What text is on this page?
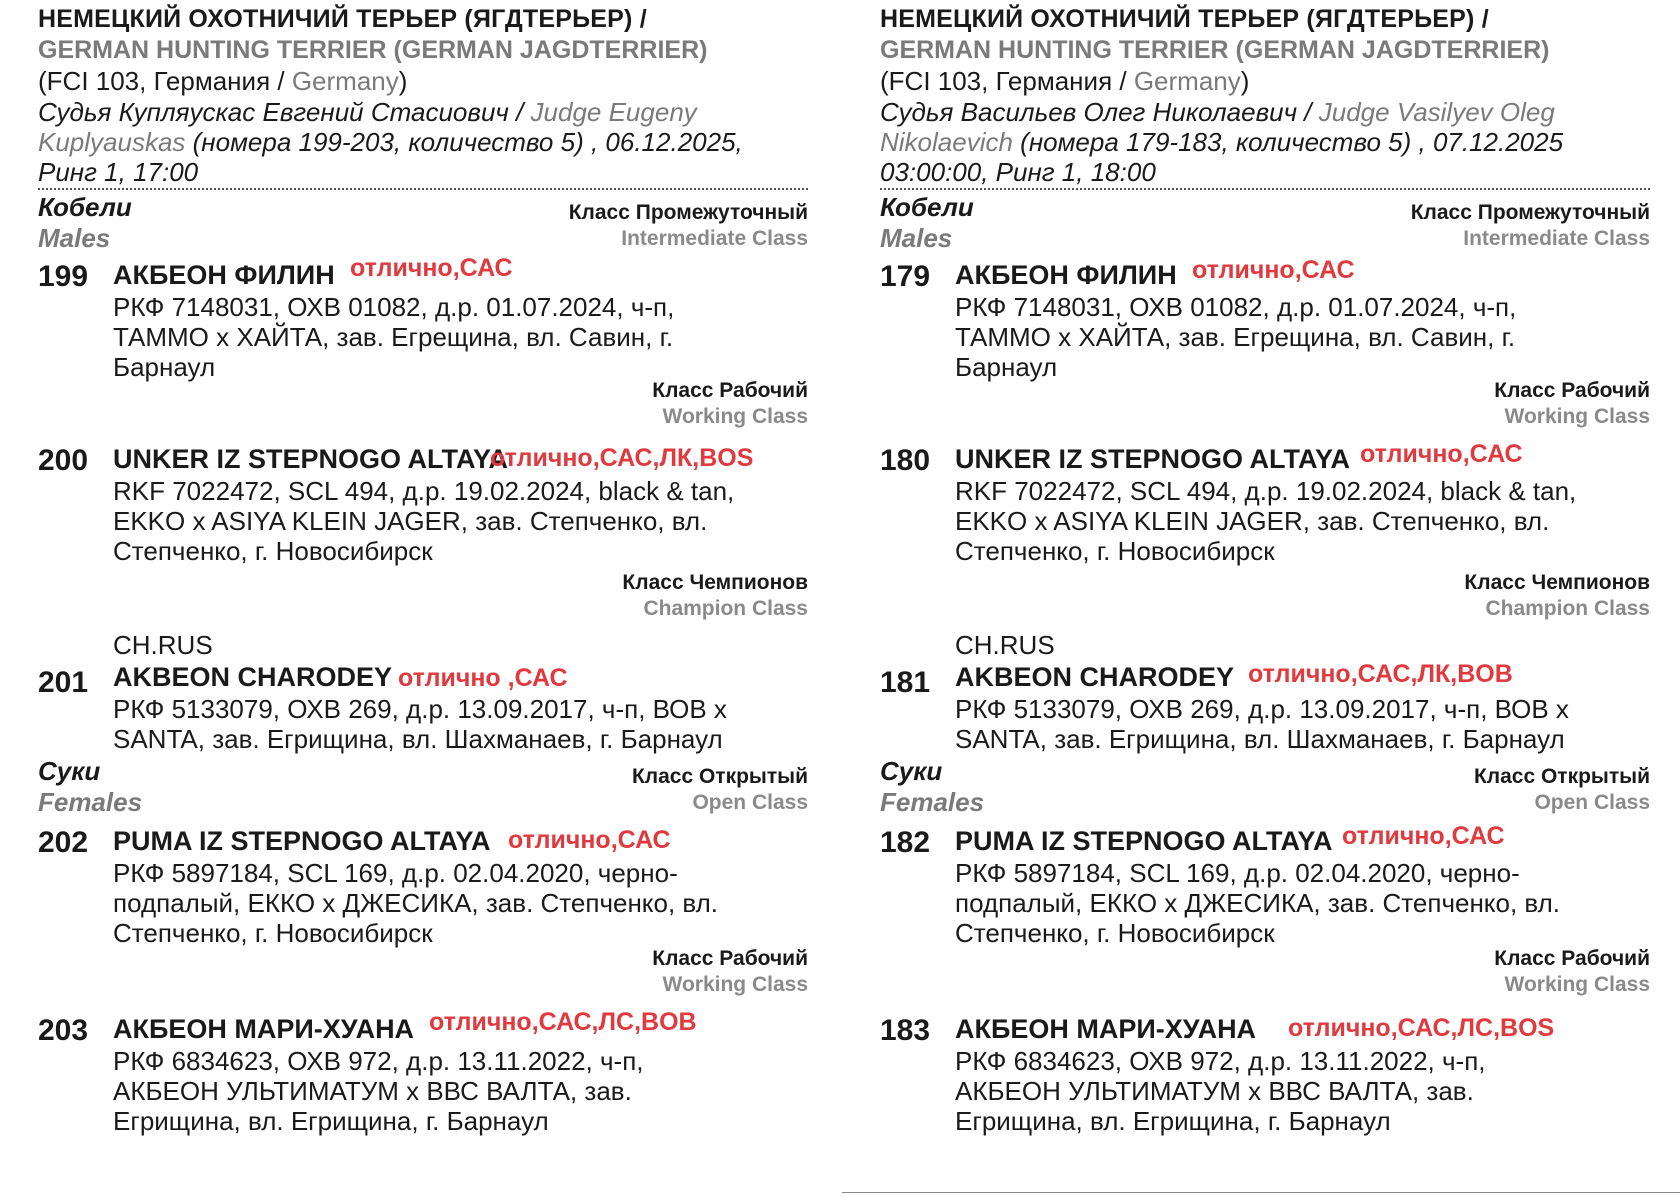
НЕМЕЦКИЙ ОХОТНИЧИЙ ТЕРЬЕР (ЯГДТЕРЬЕР) /
GERMAN HUNTING TERRIER (GERMAN JAGDTERRIER)
(FCI 103, Германия / Germany)
Судья Купляускас Евгений Стасиович / Judge Eugeny Kuplyauskas (номера 199-203, количество 5) , 06.12.2025, Ринг 1, 17:00
Кобели
Males
Класс Промежуточный
Intermediate Class
199 АКБЕОН ФИЛИН отлично,САС
РКФ 7148031, ОХВ 01082, д.р. 01.07.2024, ч-п, ТАММО х ХАЙТА, зав. Егрещина, вл. Савин, г. Барнаул
Класс Рабочий
Working Class
200 UNKER IZ STEPNOGO ALTAYA
отлично,САС,ЛК,BOS
RKF 7022472, SCL 494, д.р. 19.02.2024, black & tan, EKKO x ASIYA KLEIN JAGER, зав. Степченко, вл. Степченко, г. Новосибирск
Класс Чемпионов
Champion Class
CH.RUS
201 AKBEON CHARODEY отлично ,САС
РКФ 5133079, ОХВ 269, д.р. 13.09.2017, ч-п, ВОВ х SANTA, зав. Егрищина, вл. Шахманаев, г. Барнаул
Суки
Females
Класс Открытый
Open Class
202 PUMA IZ STEPNOGO ALTAYA отлично,САС
РКФ 5897184, SCL 169, д.р. 02.04.2020, черно-подпалый, ЕККО х ДЖЕСИКА, зав. Степченко, вл. Степченко, г. Новосибирск
Класс Рабочий
Working Class
203 АКБЕОН МАРИ-ХУАНА отлично,САС,ЛС,BOB
РКФ 6834623, ОХВ 972, д.р. 13.11.2022, ч-п, АКБЕОН УЛЬТИМАТУМ х ВВС ВАЛТА, зав. Егрищина, вл. Егрищина, г. Барнаул
НЕМЕЦКИЙ ОХОТНИЧИЙ ТЕРЬЕР (ЯГДТЕРЬЕР) /
GERMAN HUNTING TERRIER (GERMAN JAGDTERRIER)
(FCI 103, Германия / Germany)
Судья Васильев Олег Николаевич / Judge Vasilyev Oleg Nikolaevich (номера 179-183, количество 5) , 07.12.2025 03:00:00, Ринг 1, 18:00
Кобели
Males
Класс Промежуточный
Intermediate Class
179 АКБЕОН ФИЛИН отлично,САС
РКФ 7148031, ОХВ 01082, д.р. 01.07.2024, ч-п, ТАММО х ХАЙТА, зав. Егрещина, вл. Савин, г. Барнаул
Класс Рабочий
Working Class
180 UNKER IZ STEPNOGO ALTAYA отлично,САС
RKF 7022472, SCL 494, д.р. 19.02.2024, black & tan, EKKO x ASIYA KLEIN JAGER, зав. Степченко, вл. Степченко, г. Новосибирск
Класс Чемпионов
Champion Class
CH.RUS
181 AKBEON CHARODEY отлично,САС,ЛК,BOB
РКФ 5133079, ОХВ 269, д.р. 13.09.2017, ч-п, ВОВ х SANTA, зав. Егрищина, вл. Шахманаев, г. Барнаул
Суки
Females
Класс Открытый
Open Class
182 PUMA IZ STEPNOGO ALTAYA отлично,САС
РКФ 5897184, SCL 169, д.р. 02.04.2020, черно-подпалый, ЕККО х ДЖЕСИКА, зав. Степченко, вл. Степченко, г. Новосибирск
Класс Рабочий
Working Class
183 АКБЕОН МАРИ-ХУАНА отлично,САС,ЛС,BOS
РКФ 6834623, ОХВ 972, д.р. 13.11.2022, ч-п, АКБЕОН УЛЬТИМАТУМ х ВВС ВАЛТА, зав. Егрищина, вл. Егрищина, г. Барнаул
